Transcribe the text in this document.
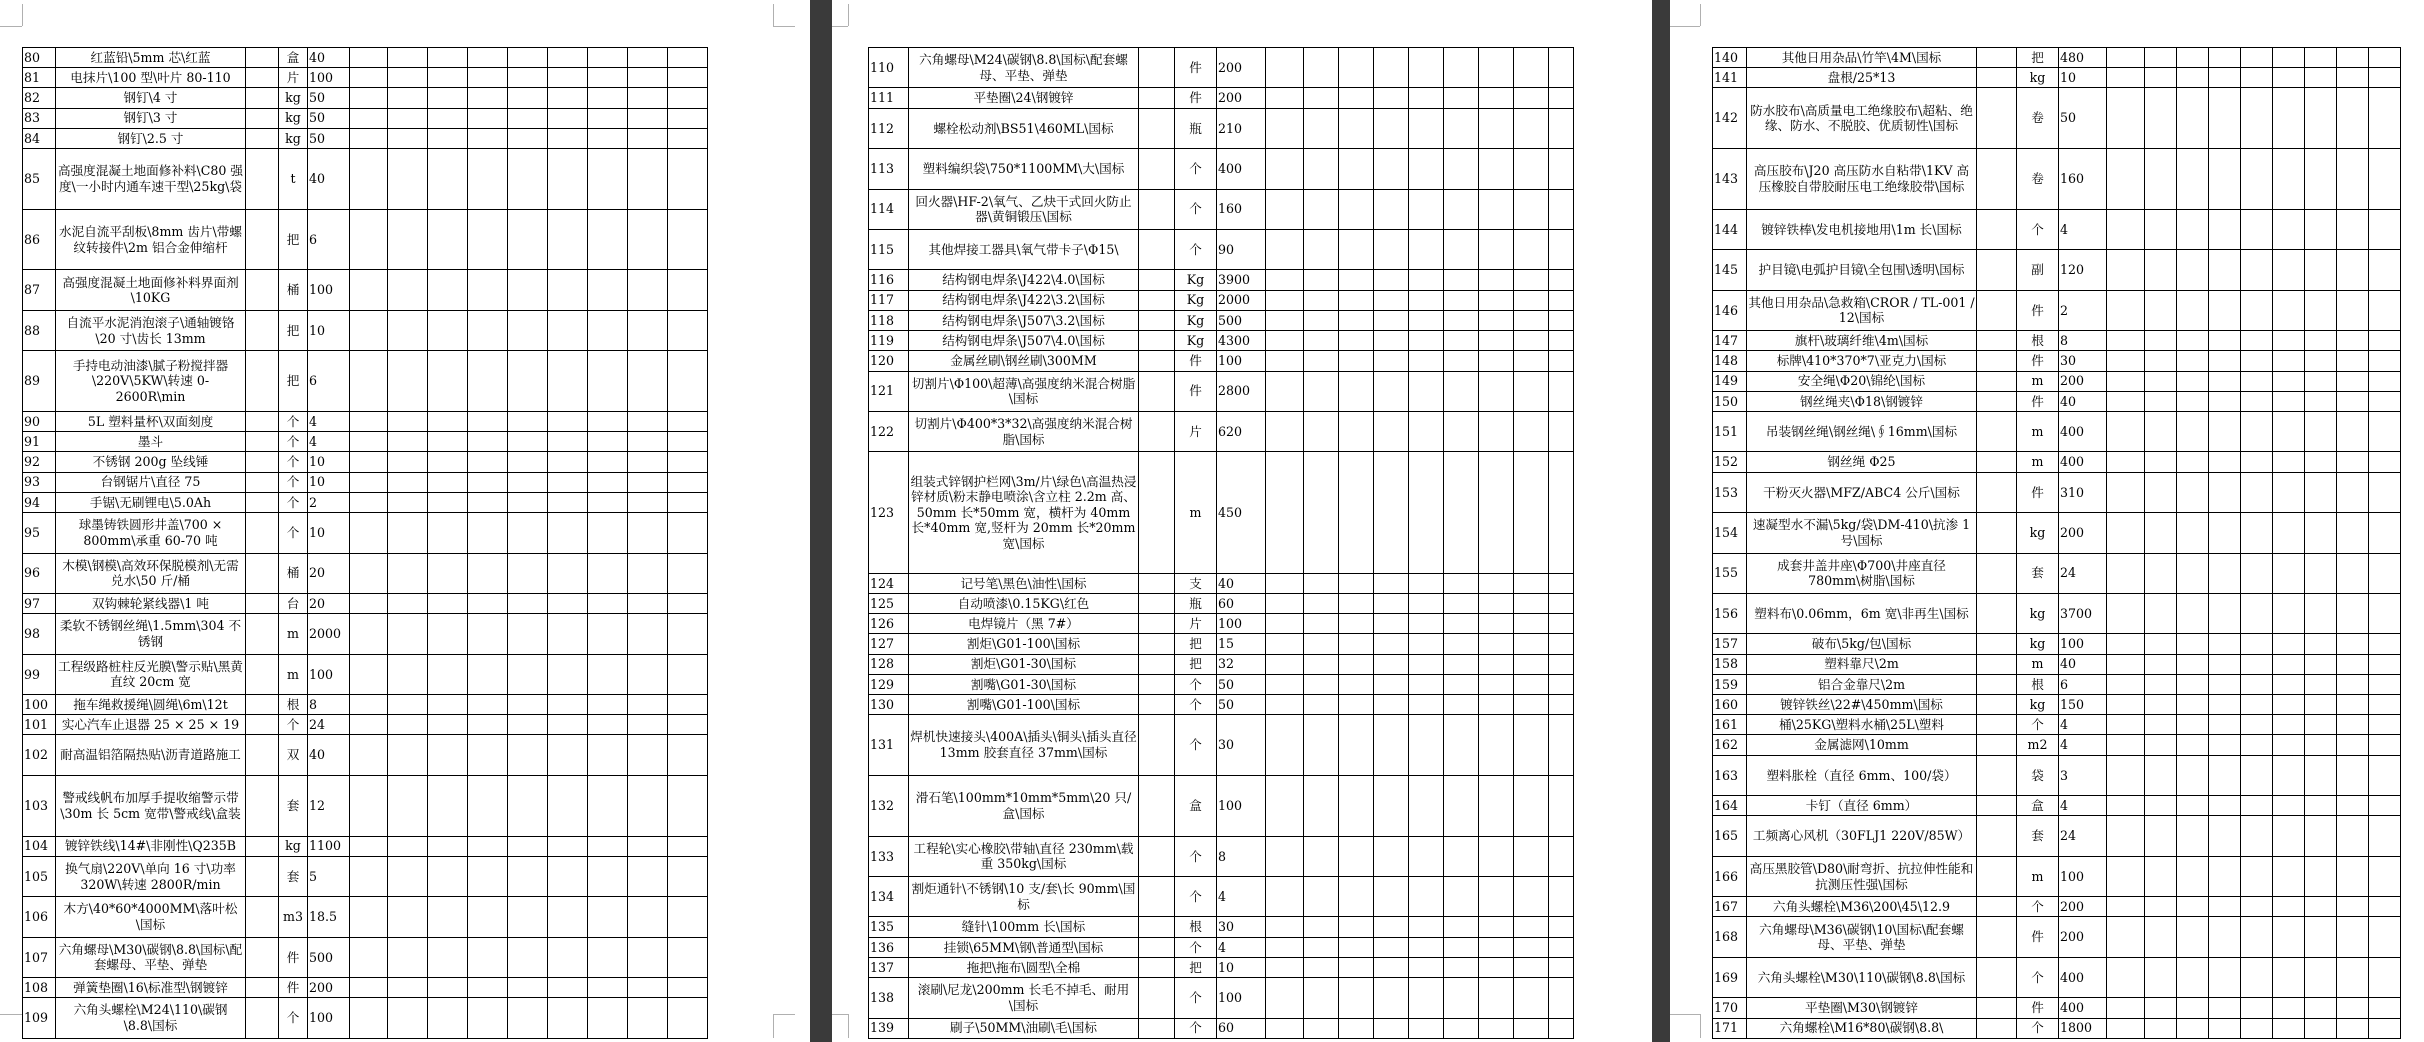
80	红蓝铅\5mm 芯\红蓝		盒	40									
81	电抹片\100 型\叶片 80-110		片	100									
82	钢钉\4 寸		kg	50									
83	钢钉\3 寸		kg	50									
84	钢钉\2.5 寸		kg	50									
85	高强度混凝土地面修补料\C80 强度\一小时内通车速干型\25kg\袋		t	40									
86	水泥自流平刮板\8mm 齿片\带螺纹转接件\2m 铝合金伸缩杆		把	6									
87	高强度混凝土地面修补料界面剂\10KG		桶	100									
88	自流平水泥消泡滚子\通轴镀铬\20 寸\齿长 13mm		把	10									
89	手持电动油漆\腻子粉搅拌器\220V\5KW\转速 0-2600R\min		把	6									
90	5L 塑料量杯\双面刻度		个	4									
91	墨斗		个	4									
92	不锈钢 200g 坠线锤		个	10									
93	台钢锯片\直径 75		个	10									
94	手锯\无刷锂电\5.0Ah		个	2									
95	球墨铸铁圆形井盖\700 × 800mm\承重 60-70 吨		个	10									
96	木模\钢模\高效环保脱模剂\无需兑水\50 斤/桶		桶	20									
97	双钩棘轮紧线器\1 吨		台	20									
98	柔软不锈钢丝绳\1.5mm\304 不锈钢		m	2000									
99	工程级路桩柱反光膜\警示贴\黑黄直纹 20cm 宽		m	100									
100	拖车绳救援绳\圆绳\6m\12t		根	8									
101	实心汽车止退器 25 × 25 × 19		个	24									
102	耐高温铝箔隔热贴\沥青道路施工		双	40									
103	警戒线帆布加厚手提收缩警示带\30m 长 5cm 宽带\警戒线\盒装		套	12									
104	镀锌铁线\14#\非刚性\Q235B		kg	1100									
105	换气扇\220V\单向 16 寸\功率 320W\转速 2800R/min		套	5									
106	木方\40*60*4000MM\落叶松\国标		m3	18.5									
107	六角螺母\M30\碳钢\8.8\国标\配套螺母、平垫、弹垫		件	500									
108	弹簧垫圈\16\标准型\钢镀锌		件	200									
109	六角头螺栓\M24\110\碳钢\8.8\国标		个	100									
110	六角螺母\M24\碳钢\8.8\国标\配套螺母、平垫、弹垫		件	200									
111	平垫圈\24\钢镀锌		件	200									
112	螺栓松动剂\BS51\460ML\国标		瓶	210									
113	塑料编织袋\750*1100MM\大\国标		个	400									
114	回火器\HF-2\氧气、乙炔干式回火防止器\黄铜锻压\国标		个	160									
115	其他焊接工器具\氧气带卡子\Φ15\		个	90									
116	结构钢电焊条\J422\4.0\国标		Kg	3900									
117	结构钢电焊条\J422\3.2\国标		Kg	2000									
118	结构钢电焊条\J507\3.2\国标		Kg	500									
119	结构钢电焊条\J507\4.0\国标		Kg	4300									
120	金属丝刷\钢丝刷\300MM		件	100									
121	切割片\Φ100\超薄\高强度纳米混合树脂\国标		件	2800									
122	切割片\Φ400*3*32\高强度纳米混合树脂\国标		片	620									
123	组装式锌钢护栏网\3m/片\绿色\高温热浸锌材质\粉末静电喷涂\含立柱 2.2m 高、50mm 长*50mm 宽，横杆为 40mm 长*40mm 宽,竖杆为 20mm 长*20mm 宽\国标		m	450									
124	记号笔\黑色\油性\国标		支	40									
125	自动喷漆\0.15KG\红色		瓶	60									
126	电焊镜片（黑 7#）		片	100									
127	割炬\G01-100\国标		把	15									
128	割炬\G01-30\国标		把	32									
129	割嘴\G01-30\国标		个	50									
130	割嘴\G01-100\国标		个	50									
131	焊机快速接头\400A\插头\铜头\插头直径 13mm 胶套直径 37mm\国标		个	30									
132	滑石笔\100mm*10mm*5mm\20 只/盒\国标		盒	100									
133	工程轮\实心橡胶\带轴\直径 230mm\载重 350kg\国标		个	8									
134	割炬通针\不锈钢\10 支/套\长 90mm\国标		个	4									
135	缝针\100mm 长\国标		根	30									
136	挂锁\65MM\钢\普通型\国标		个	4									
137	拖把\拖布\圆型\全棉		把	10									
138	滚刷\尼龙\200mm 长毛不掉毛、耐用\国标		个	100									
139	刷子\50MM\油刷\毛\国标		个	60									
140	其他日用杂品\竹竿\4M\国标		把	480									
141	盘根/25*13		kg	10									
142	防水胶布\高质量电工绝缘胶布\超粘、绝缘、防水、不脱胶、优质韧性\国标		卷	50									
143	高压胶布\J20 高压防水自粘带\1KV 高压橡胶自带胶耐压电工绝缘胶带\国标		卷	160									
144	镀锌铁棒\发电机接地用\1m 长\国标		个	4									
145	护目镜\电弧护目镜\全包围\透明\国标		副	120									
146	其他日用杂品\急救箱\CROR / TL-001 / 12\国标		件	2									
147	旗杆\玻璃纤维\4m\国标		根	8									
148	标牌\410*370*7\亚克力\国标		件	30									
149	安全绳\Φ20\锦纶\国标		m	200									
150	钢丝绳夹\Φ18\钢镀锌		件	40									
151	吊装钢丝绳\钢丝绳\∮16mm\国标		m	400									
152	钢丝绳 Φ25		m	400									
153	干粉灭火器\MFZ/ABC4 公斤\国标		件	310									
154	速凝型水不漏\5kg/袋\DM-410\抗渗 1 号\国标		kg	200									
155	成套井盖井座\Φ700\井座直径 780mm\树脂\国标		套	24									
156	塑料布\0.06mm，6m 宽\非再生\国标		kg	3700									
157	破布\5kg/包\国标		kg	100									
158	塑料靠尺\2m		m	40									
159	铝合金靠尺\2m		根	6									
160	镀锌铁丝\22#\450mm\国标		kg	150									
161	桶\25KG\塑料水桶\25L\塑料		个	4									
162	金属滤网\10mm		m2	4									
163	塑料胀栓（直径 6mm、100/袋）		袋	3									
164	卡钉（直径 6mm）		盒	4									
165	工频离心风机（30FLJ1 220V/85W）		套	24									
166	高压黑胶管\D80\耐弯折、抗拉伸性能和抗测压性强\国标		m	100									
167	六角头螺栓\M36\200\45\12.9		个	200									
168	六角螺母\M36\碳钢\10\国标\配套螺母、平垫、弹垫		件	200									
169	六角头螺栓\M30\110\碳钢\8.8\国标		个	400									
170	平垫圈\M30\钢镀锌		件	400									
171	六角螺栓\M16*80\碳钢\8.8\		个	1800									
